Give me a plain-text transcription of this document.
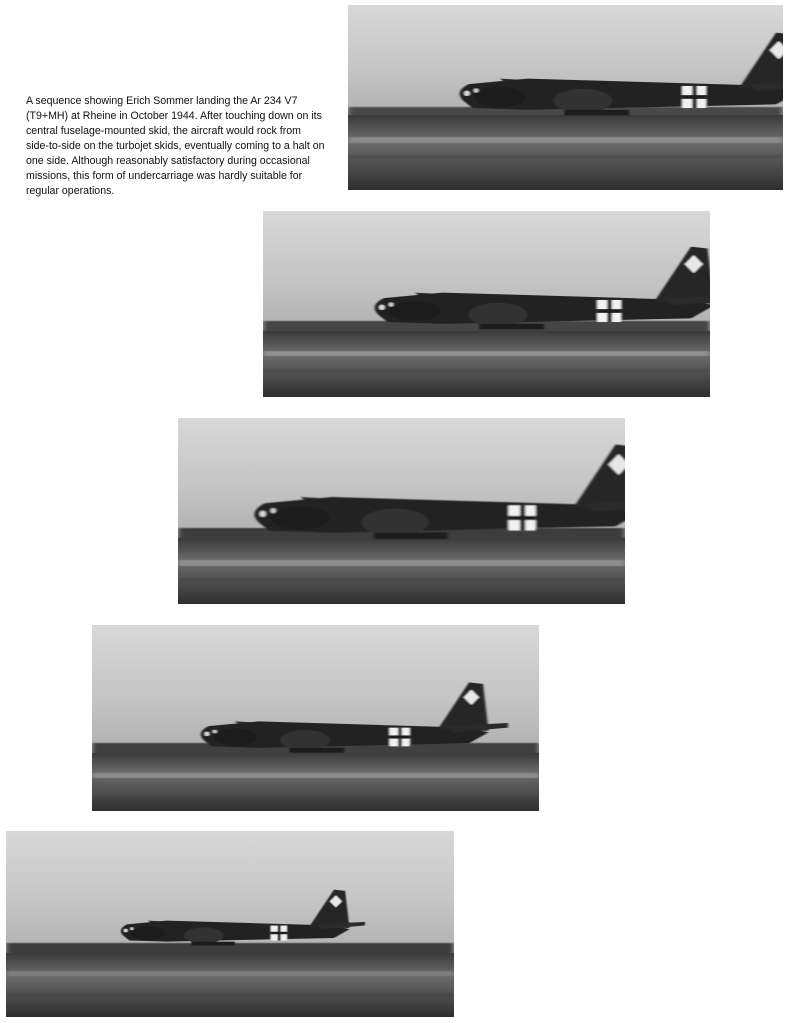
A sequence showing Erich Sommer landing the Ar 234 V7 (T9+MH) at Rheine in October 1944. After touching down on its central fuselage-mounted skid, the aircraft would rock from side-to-side on the turbojet skids, eventually coming to a halt on one side. Although reasonably satisfactory during occasional missions, this form of undercarriage was hardly suitable for regular operations.
